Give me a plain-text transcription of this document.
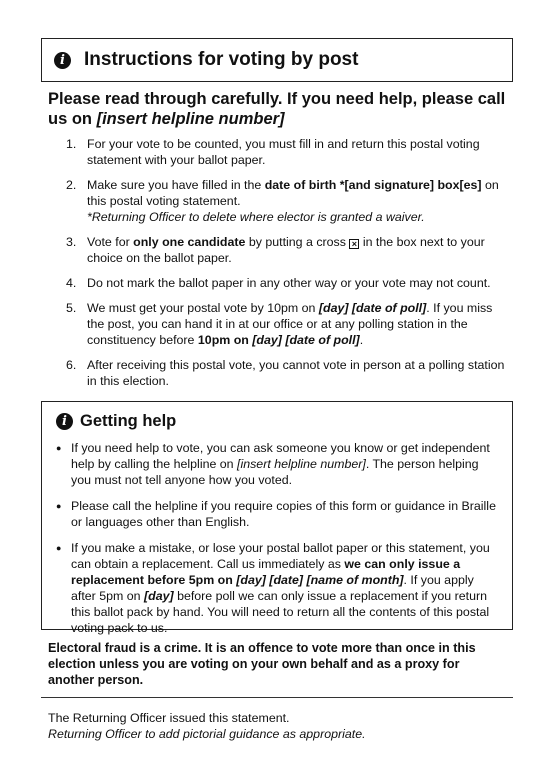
i	Instructions for voting by post
Please read through carefully. If you need help, please call us on [insert helpline number]
1. For your vote to be counted, you must fill in and return this postal voting statement with your ballot paper.
2. Make sure you have filled in the date of birth *[and signature] box[es] on this postal voting statement.
*Returning Officer to delete where elector is granted a waiver.
3. Vote for only one candidate by putting a cross × in the box next to your choice on the ballot paper.
4. Do not mark the ballot paper in any other way or your vote may not count.
5. We must get your postal vote by 10pm on [day] [date of poll]. If you miss the post, you can hand it in at our office or at any polling station in the constituency before 10pm on [day] [date of poll].
6. After receiving this postal vote, you cannot vote in person at a polling station in this election.
i Getting help
● If you need help to vote, you can ask someone you know or get independent help by calling the helpline on [insert helpline number]. The person helping you must not tell anyone how you voted.
● Please call the helpline if you require copies of this form or guidance in Braille or languages other than English.
● If you make a mistake, or lose your postal ballot paper or this statement, you can obtain a replacement. Call us immediately as we can only issue a replacement before 5pm on [day] [date] [name of month]. If you apply after 5pm on [day] before poll we can only issue a replacement if you return this ballot pack by hand. You will need to return all the contents of this postal voting pack to us.
Electoral fraud is a crime. It is an offence to vote more than once in this election unless you are voting on your own behalf and as a proxy for another person.
The Returning Officer issued this statement.
Returning Officer to add pictorial guidance as appropriate.
